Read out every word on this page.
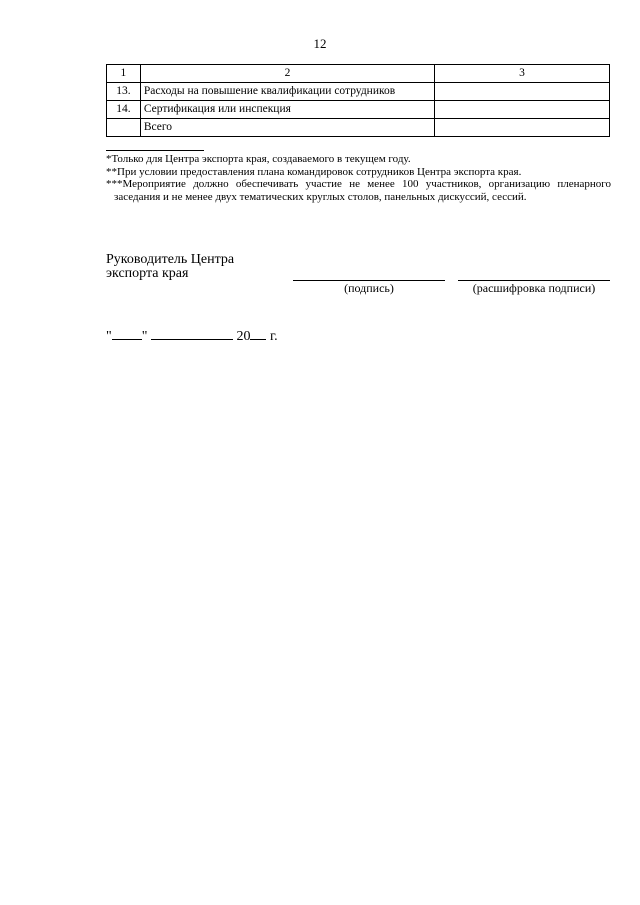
12
1	2	3
13.	Расходы на повышение квалификации сотрудников	
14.	Сертификация или инспекция	
	Всего	

*Только для Центра экспорта края, создаваемого в текущем году.

**При условии предоставления плана командировок сотрудников Центра экспорта края.

***Мероприятие должно обеспечивать участие не менее 100 участников, организацию пленарного заседания и не менее двух тематических круглых столов, панельных дискуссий, сессий.

Руководитель Центра
экспорта края
(подпись)	(расшифровка подписи)
" "	20 г.
